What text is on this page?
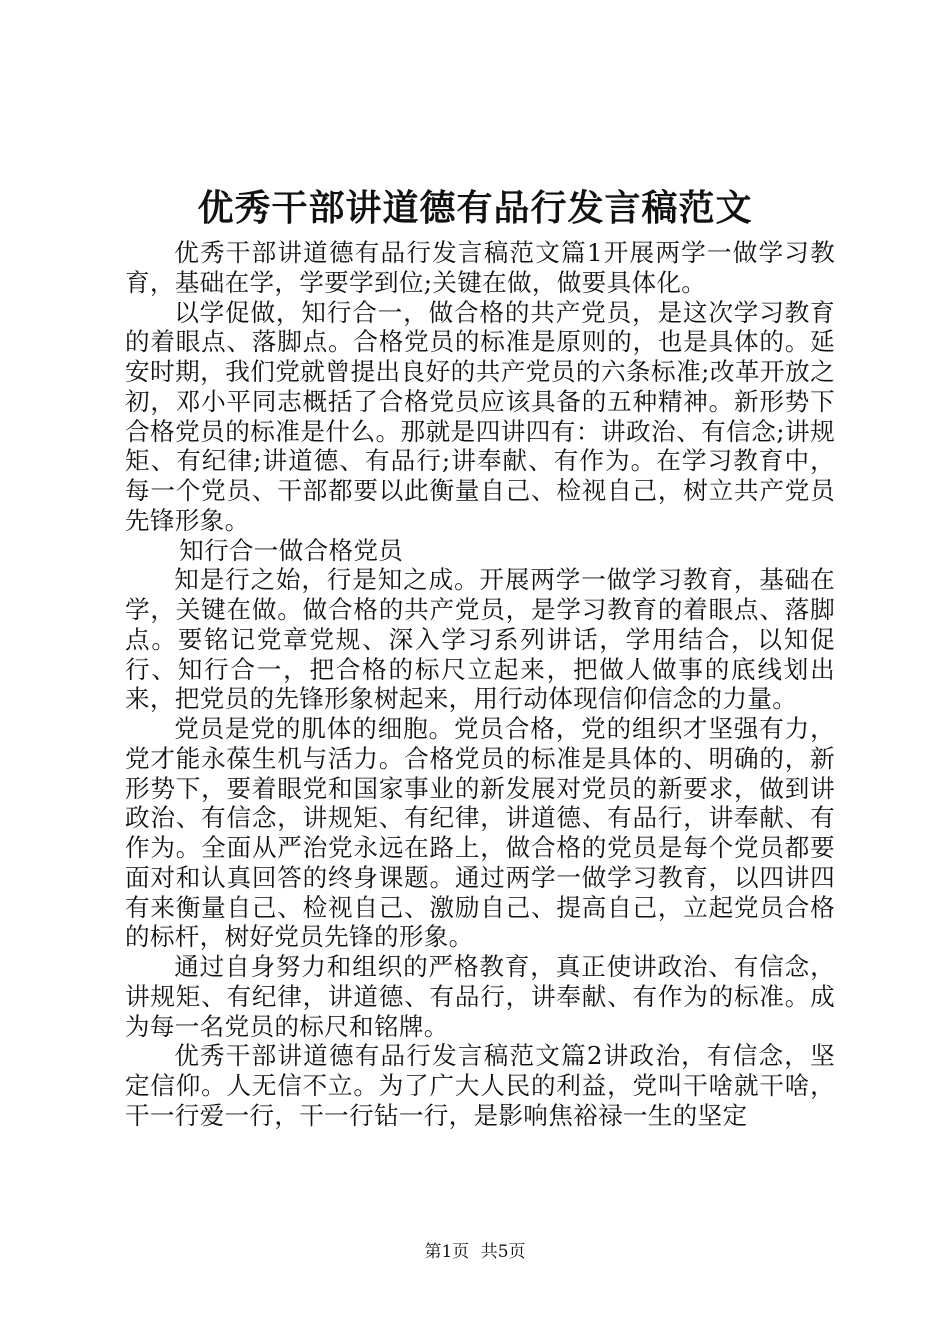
优秀干部讲道德有品行发言稿范文

优秀干部讲道德有品行发言稿范文篇1开展两学一做学习教育，基础在学，学要学到位;关键在做，做要具体化。

以学促做，知行合一，做合格的共产党员，是这次学习教育的着眼点、落脚点。合格党员的标准是原则的，也是具体的。延安时期，我们党就曾提出良好的共产党员的六条标准;改革开放之初，邓小平同志概括了合格党员应该具备的五种精神。新形势下合格党员的标准是什么。那就是四讲四有：讲政治、有信念;讲规矩、有纪律;讲道德、有品行;讲奉献、有作为。在学习教育中，每一个党员、干部都要以此衡量自己、检视自己，树立共产党员先锋形象。

知行合一做合格党员

知是行之始，行是知之成。开展两学一做学习教育，基础在学，关键在做。做合格的共产党员，是学习教育的着眼点、落脚点。要铭记党章党规、深入学习系列讲话，学用结合，以知促行、知行合一，把合格的标尺立起来，把做人做事的底线划出来，把党员的先锋形象树起来，用行动体现信仰信念的力量。

党员是党的肌体的细胞。党员合格，党的组织才坚强有力，党才能永葆生机与活力。合格党员的标准是具体的、明确的，新形势下，要着眼党和国家事业的新发展对党员的新要求，做到讲政治、有信念，讲规矩、有纪律，讲道德、有品行，讲奉献、有作为。全面从严治党永远在路上，做合格的党员是每个党员都要面对和认真回答的终身课题。通过两学一做学习教育，以四讲四有来衡量自己、检视自己、激励自己、提高自己，立起党员合格的标杆，树好党员先锋的形象。

通过自身努力和组织的严格教育，真正使讲政治、有信念，讲规矩、有纪律，讲道德、有品行，讲奉献、有作为的标准。成为每一名党员的标尺和铭牌。

优秀干部讲道德有品行发言稿范文篇2讲政治，有信念，坚定信仰。人无信不立。为了广大人民的利益，党叫干啥就干啥，干一行爱一行，干一行钻一行，是影响焦裕禄一生的坚定

第1页 共5页
